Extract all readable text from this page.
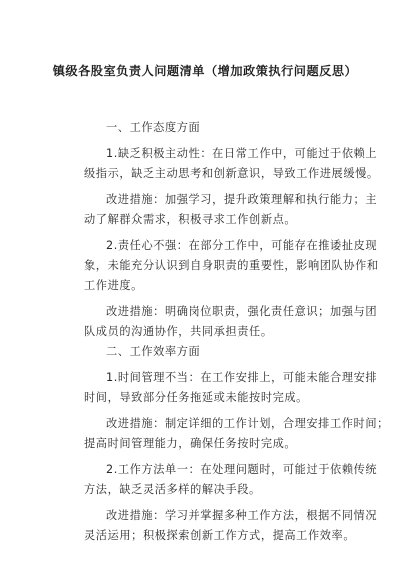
镇级各股室负责人问题清单（增加政策执行问题反思）
一、工作态度方面
1.缺乏积极主动性：在日常工作中，可能过于依赖上
级指示，缺乏主动思考和创新意识，导致工作进展缓慢。
改进措施：加强学习，提升政策理解和执行能力；主
动了解群众需求，积极寻求工作创新点。
2.责任心不强：在部分工作中，可能存在推诿扯皮现
象，未能充分认识到自身职责的重要性，影响团队协作和
工作进度。
改进措施：明确岗位职责，强化责任意识；加强与团
队成员的沟通协作，共同承担责任。
二、工作效率方面
1.时间管理不当：在工作安排上，可能未能合理安排
时间，导致部分任务拖延或未能按时完成。
改进措施：制定详细的工作计划，合理安排工作时间；
提高时间管理能力，确保任务按时完成。
2.工作方法单一：在处理问题时，可能过于依赖传统
方法，缺乏灵活多样的解决手段。
改进措施：学习并掌握多种工作方法，根据不同情况
灵活运用；积极探索创新工作方式，提高工作效率。
